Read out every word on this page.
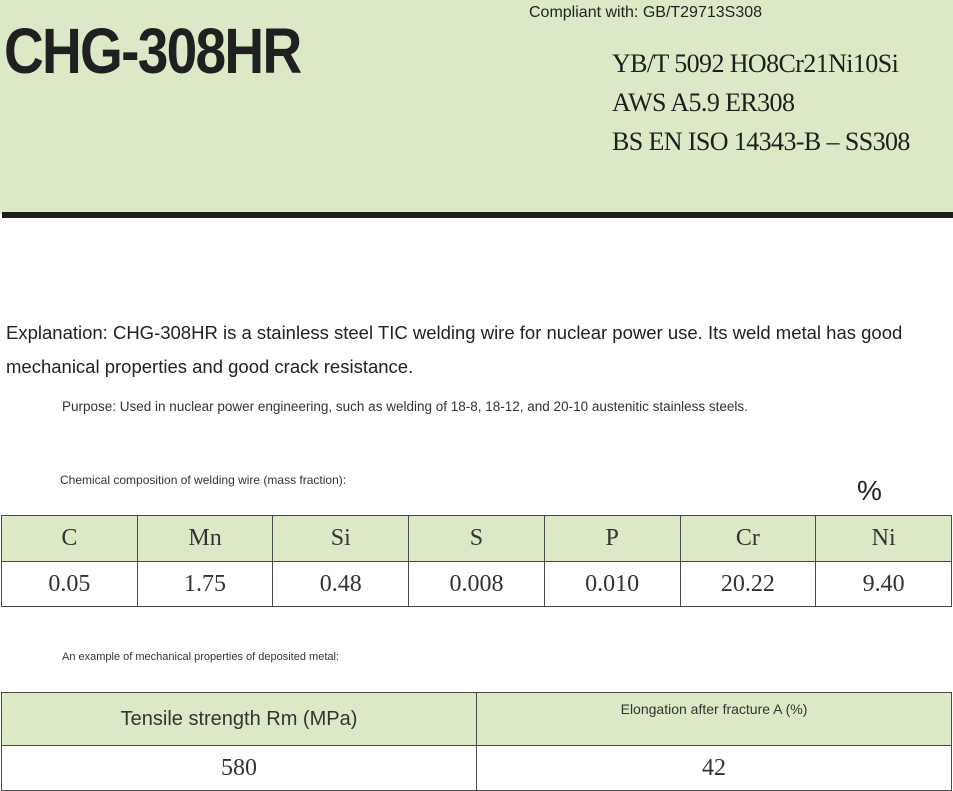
CHG-308HR
Compliant with: GB/T29713S308
YB/T 5092 HO8Cr21Ni10Si
AWS A5.9 ER308
BS EN ISO 14343-B – SS308

Explanation: CHG-308HR is a stainless steel TIC welding wire for nuclear power use. Its weld metal has good mechanical properties and good crack resistance.

Purpose: Used in nuclear power engineering, such as welding of 18-8, 18-12, and 20-10 austenitic stainless steels.
Chemical composition of welding wire (mass fraction):	%
C	Mn	Si	S	P	Cr	Ni
0.05	1.75	0.48	0.008	0.010	20.22	9.40
An example of mechanical properties of deposited metal:
Tensile strength Rm (MPa)	Elongation after fracture A (%)
580	42
